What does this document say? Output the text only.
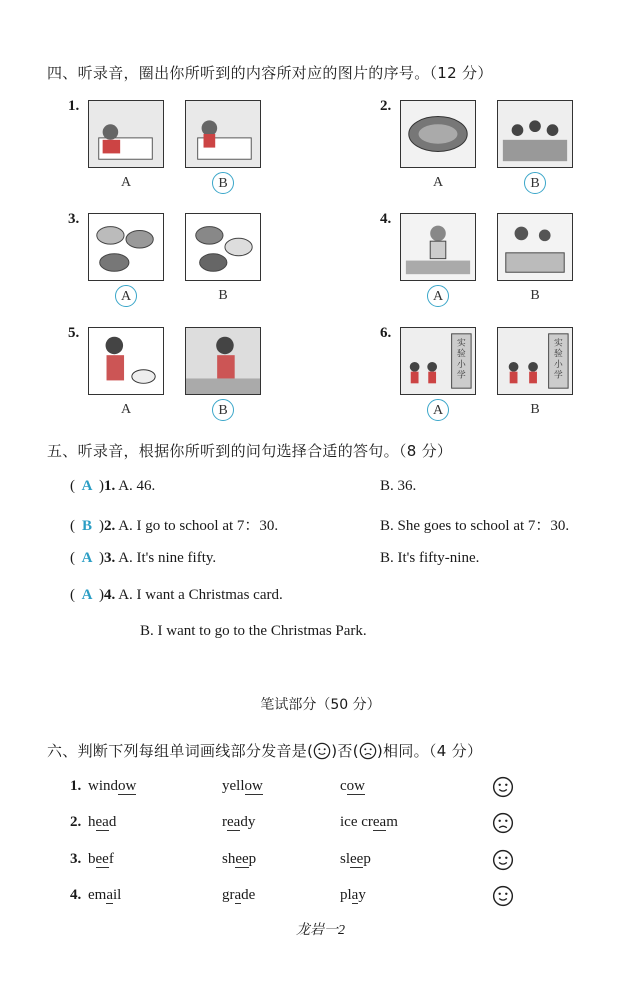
四、听录音，圈出你所听到的内容所对应的图片的序号。（12 分）
1.
A	B
2.
A	B
3.
A	B
4.
A	B
5.
A	B
6.
实
验
小
学
A
实
验
小
学
B
五、听录音，根据你所听到的问句选择合适的答句。（8 分）
( A )1. A. 46.	B. 36.
( B )2. A. I go to school at 7：30.	B. She goes to school at 7：30.
( A )3. A. It's nine fifty.	B. It's fifty-nine.
( A )4. A. I want a Christmas card.
B. I want to go to the Christmas Park.
笔试部分（50 分）
六、判断下列每组单词画线部分发音是( )否( )相同。（4 分）
1. window	yellow	cow
2. head	ready	ice cream
3. beef	sheep	sleep
4. email	grade	play
龙岩一2
